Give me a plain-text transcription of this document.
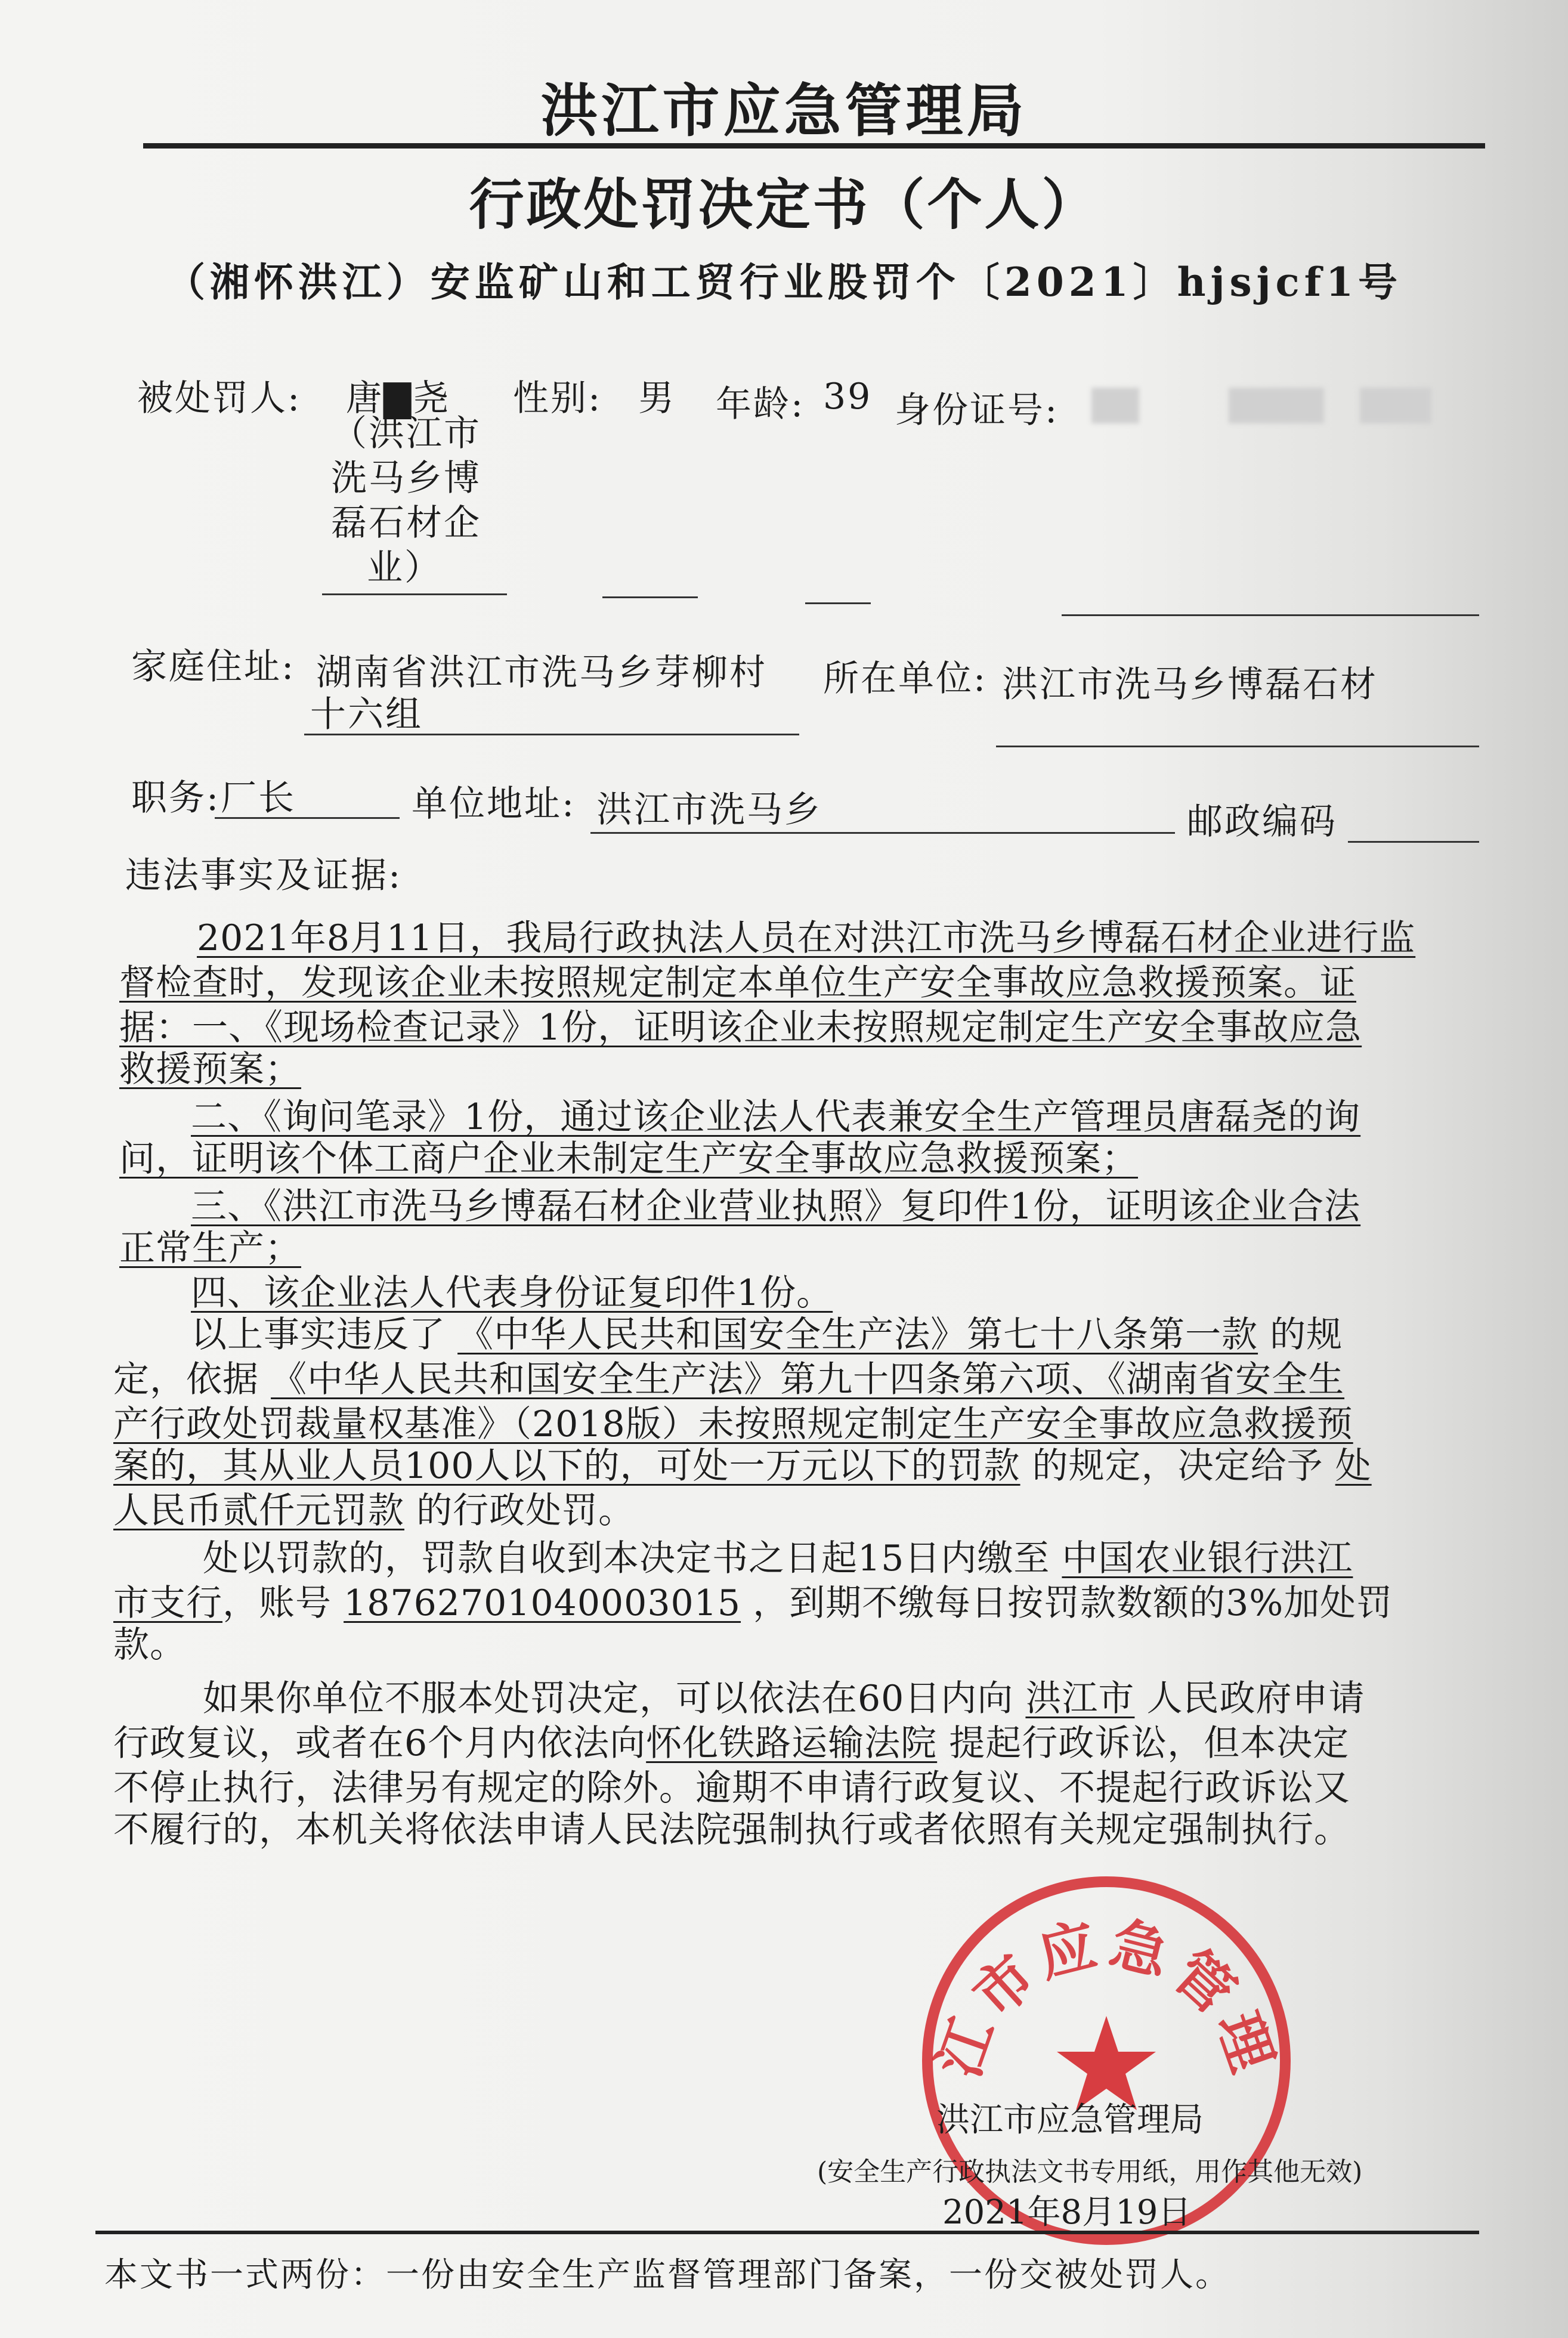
洪江市应急管理局
行政处罚决定书（个人）
（湘怀洪江）安监矿山和工贸行业股罚个〔2021〕hjsjcf1号
被处罚人: 唐▇尧
（洪江市
洗马乡博
磊石材企
业）
性别: 男 年龄: 39 身份证号:
家庭住址: 湖南省洪江市洗马乡芽柳村
十六组
所在单位: 洪江市洗马乡博磊石材
职务: 厂长	单位地址: 洪江市洗马乡	邮政编码
违法事实及证据:
2021年8月11日，我局行政执法人员在对洪江市洗马乡博磊石材企业进行监
督检查时，发现该企业未按照规定制定本单位生产安全事故应急救援预案。证
据：一、《现场检查记录》1份，证明该企业未按照规定制定生产安全事故应急
救援预案；
二、《询问笔录》1份，通过该企业法人代表兼安全生产管理员唐磊尧的询
问，证明该个体工商户企业未制定生产安全事故应急救援预案；
三、《洪江市洗马乡博磊石材企业营业执照》复印件1份，证明该企业合法
正常生产；
四、该企业法人代表身份证复印件1份。
以上事实违反了 《中华人民共和国安全生产法》第七十八条第一款 的规
定，依据 《中华人民共和国安全生产法》第九十四条第六项、《湖南省安全生
产行政处罚裁量权基准》（2018版）未按照规定制定生产安全事故应急救援预
案的，其从业人员100人以下的，可处一万元以下的罚款 的规定，决定给予 处
人民币贰仟元罚款 的行政处罚。
处以罚款的，罚款自收到本决定书之日起15日内缴至 中国农业银行洪江
市支行，账号 18762701040003015 ，到期不缴每日按罚款数额的3%加处罚
款。
如果你单位不服本处罚决定，可以依法在60日内向 洪江市 人民政府申请
行政复议，或者在6个月内依法向怀化铁路运输法院 提起行政诉讼，但本决定
不停止执行，法律另有规定的除外。逾期不申请行政复议、不提起行政诉讼又
不履行的，本机关将依法申请人民法院强制执行或者依照有关规定强制执行。
江市应急管理
洪江市应急管理局
(安全生产行政执法文书专用纸，用作其他无效)
2021年8月19日
本文书一式两份：一份由安全生产监督管理部门备案，一份交被处罚人。
